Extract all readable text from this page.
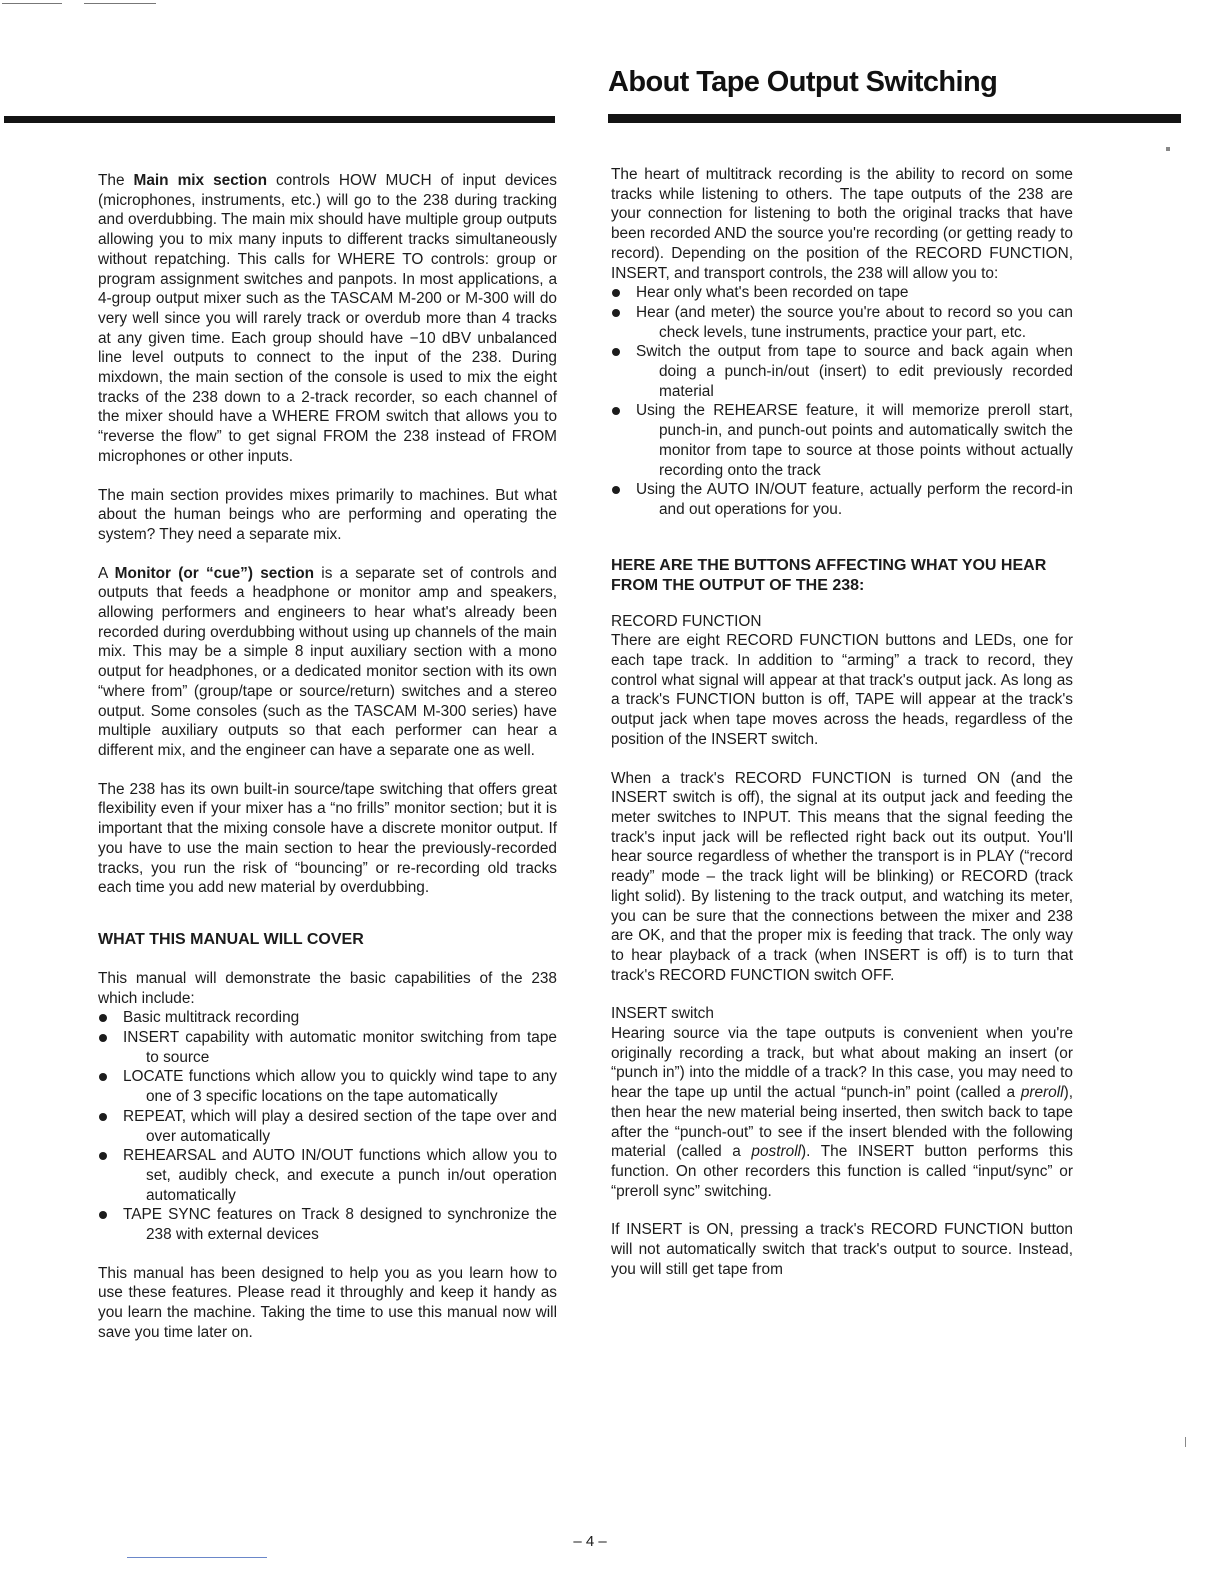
About Tape Output Switching

The Main mix section controls HOW MUCH of input devices (microphones, instruments, etc.) will go to the 238 during tracking and overdubbing. The main mix should have multiple group outputs allowing you to mix many inputs to different tracks simultaneously without repatching. This calls for WHERE TO controls: group or program assignment switches and panpots. In most applications, a 4-group output mixer such as the TASCAM M-200 or M-300 will do very well since you will rarely track or overdub more than 4 tracks at any given time. Each group should have −10 dBV unbalanced line level outputs to connect to the input of the 238. During mixdown, the main section of the console is used to mix the eight tracks of the 238 down to a 2-track recorder, so each channel of the mixer should have a WHERE FROM switch that allows you to “reverse the flow” to get signal FROM the 238 instead of FROM microphones or other inputs.

The main section provides mixes primarily to machines. But what about the human beings who are performing and operating the system? They need a separate mix.

A Monitor (or “cue”) section is a separate set of controls and outputs that feeds a headphone or monitor amp and speakers, allowing performers and engineers to hear what's already been recorded during overdubbing without using up channels of the main mix. This may be a simple 8 input auxiliary section with a mono output for headphones, or a dedicated monitor section with its own “where from” (group/tape or source/return) switches and a stereo output. Some consoles (such as the TASCAM M-300 series) have multiple auxiliary outputs so that each performer can hear a different mix, and the engineer can have a separate one as well.

The 238 has its own built-in source/tape switching that offers great flexibility even if your mixer has a “no frills” monitor section; but it is important that the mixing console have a discrete monitor output. If you have to use the main section to hear the previously-recorded tracks, you run the risk of “bouncing” or re-recording old tracks each time you add new material by overdubbing.

WHAT THIS MANUAL WILL COVER

This manual will demonstrate the basic capabilities of the 238 which include:

Basic multitrack recording
INSERT capability with automatic monitor switching from tape to source
LOCATE functions which allow you to quickly wind tape to any one of 3 specific locations on the tape automatically
REPEAT, which will play a desired section of the tape over and over automatically
REHEARSAL and AUTO IN/OUT functions which allow you to set, audibly check, and execute a punch in/out operation automatically
TAPE SYNC features on Track 8 designed to synchronize the 238 with external devices

This manual has been designed to help you as you learn how to use these features. Please read it throughly and keep it handy as you learn the machine. Taking the time to use this manual now will save you time later on.

The heart of multitrack recording is the ability to record on some tracks while listening to others. The tape outputs of the 238 are your connection for listening to both the original tracks that have been recorded AND the source you're recording (or getting ready to record). Depending on the position of the RECORD FUNCTION, INSERT, and transport controls, the 238 will allow you to:

Hear only what's been recorded on tape
Hear (and meter) the source you're about to record so you can check levels, tune instruments, practice your part, etc.
Switch the output from tape to source and back again when doing a punch-in/out (insert) to edit previously recorded material
Using the REHEARSE feature, it will memorize preroll start, punch-in, and punch-out points and automatically switch the monitor from tape to source at those points without actually recording onto the track
Using the AUTO IN/OUT feature, actually perform the record-in and out operations for you.

HERE ARE THE BUTTONS AFFECTING WHAT YOU HEAR FROM THE OUTPUT OF THE 238:

RECORD FUNCTION

There are eight RECORD FUNCTION buttons and LEDs, one for each tape track. In addition to “arming” a track to record, they control what signal will appear at that track's output jack. As long as a track's FUNCTION button is off, TAPE will appear at the track's output jack when tape moves across the heads, regardless of the position of the INSERT switch.

When a track's RECORD FUNCTION is turned ON (and the INSERT switch is off), the signal at its output jack and feeding the meter switches to INPUT. This means that the signal feeding the track's input jack will be reflected right back out its output. You'll hear source regardless of whether the transport is in PLAY (“record ready” mode – the track light will be blinking) or RECORD (track light solid). By listening to the track output, and watching its meter, you can be sure that the connections between the mixer and 238 are OK, and that the proper mix is feeding that track. The only way to hear playback of a track (when INSERT is off) is to turn that track's RECORD FUNCTION switch OFF.

INSERT switch

Hearing source via the tape outputs is convenient when you're originally recording a track, but what about making an insert (or “punch in”) into the middle of a track? In this case, you may need to hear the tape up until the actual “punch-in” point (called a preroll), then hear the new material being inserted, then switch back to tape after the “punch-out” to see if the insert blended with the following material (called a postroll). The INSERT button performs this function. On other recorders this function is called “input/sync” or “preroll sync” switching.

If INSERT is ON, pressing a track's RECORD FUNCTION button will not automatically switch that track's output to source. Instead, you will still get tape from

– 4 –
